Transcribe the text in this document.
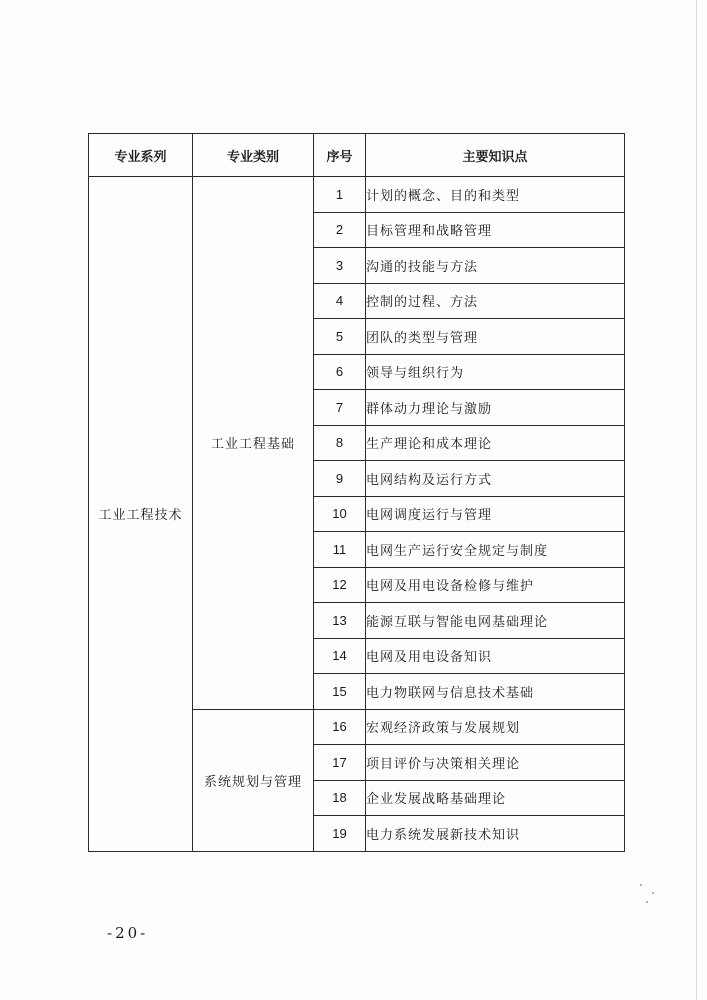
专业系列	专业类别	序号	主要知识点
工业工程技术	工业工程基础	1	计划的概念、目的和类型
		2	目标管理和战略管理
		3	沟通的技能与方法
		4	控制的过程、方法
		5	团队的类型与管理
		6	领导与组织行为
		7	群体动力理论与激励
		8	生产理论和成本理论
		9	电网结构及运行方式
		10	电网调度运行与管理
		11	电网生产运行安全规定与制度
		12	电网及用电设备检修与维护
		13	能源互联与智能电网基础理论
		14	电网及用电设备知识
		15	电力物联网与信息技术基础
	系统规划与管理	16	宏观经济政策与发展规划
		17	项目评价与决策相关理论
		18	企业发展战略基础理论
		19	电力系统发展新技术知识
-20-
